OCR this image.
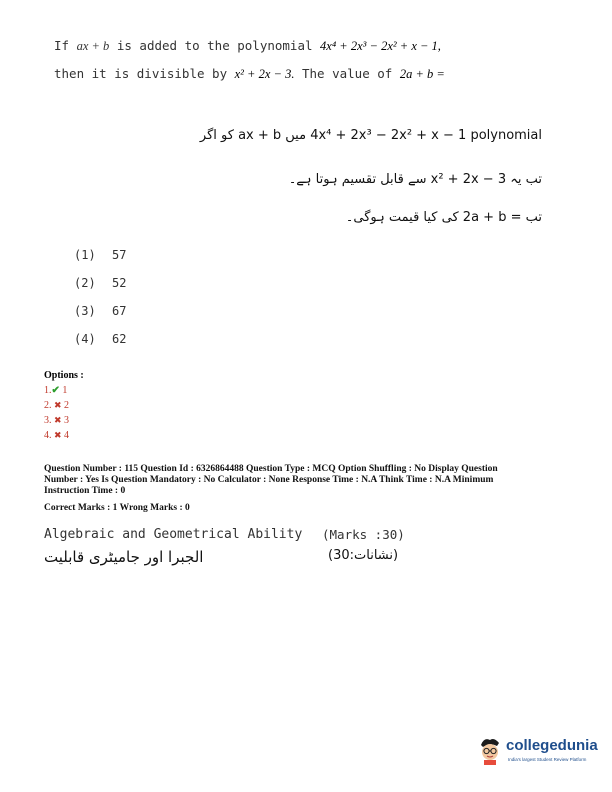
If ax + b is added to the polynomial 4x⁴ + 2x³ − 2x² + x − 1,
then it is divisible by x² + 2x − 3. The value of 2a + b =
4x⁴ + 2x³ − 2x² + x − 1 polynomial میں ax + b کو اگر
تب یہ x² + 2x − 3 سے قابل تقسیم ہوتا ہے۔
تب = 2a + b کی کیا قیمت ہوگی۔
(1) 57
(2) 52
(3) 67
(4) 62
Options :
1.✔ 1
2. ✖ 2
3. ✖ 3
4. ✖ 4
Question Number : 115 Question Id : 6326864488 Question Type : MCQ Option Shuffling : No Display Question
Number : Yes Is Question Mandatory : No Calculator : None Response Time : N.A Think Time : N.A Minimum
Instruction Time : 0
Correct Marks : 1 Wrong Marks : 0
Algebraic and Geometrical Ability (Marks :30)
الجبرا اور جامیٹری قابلیت	(نشانات:30)
collegedunia
India's largest Student Review Platform
